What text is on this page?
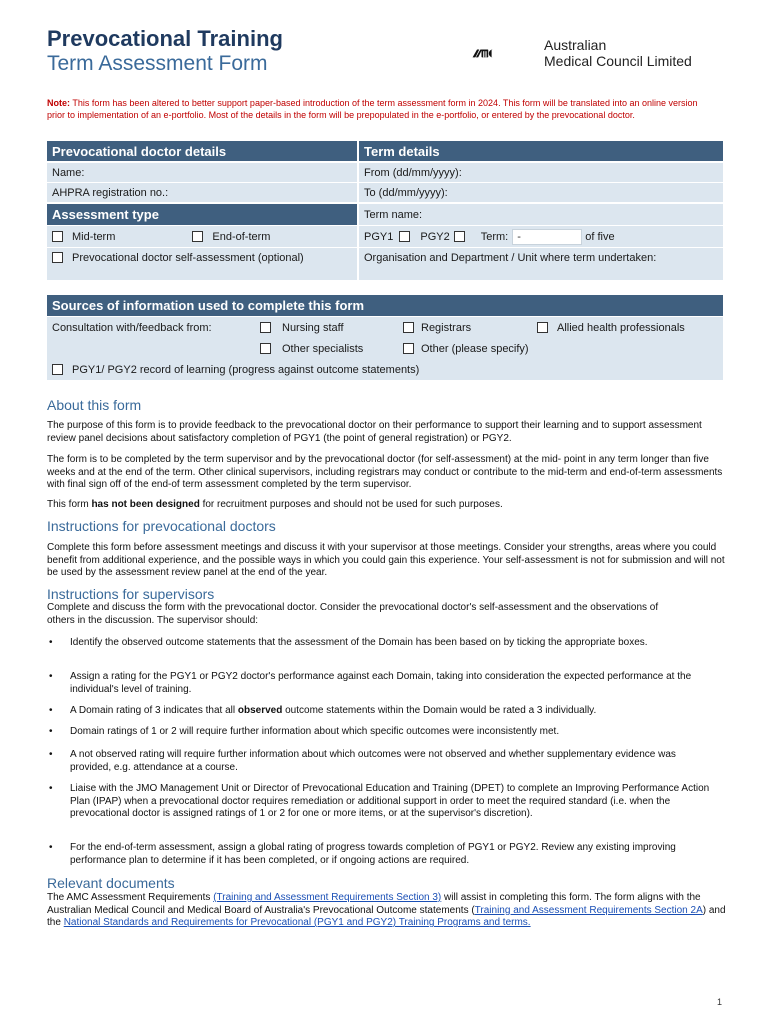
Prevocational Training
Term Assessment Form
Australian
Medical Council Limited
Note: This form has been altered to better support paper-based introduction of the term assessment form in 2024. This form will be translated into an online version prior to implementation of an e-portfolio. Most of the details in the form will be prepopulated in the e-portfolio, or entered by the prevocational doctor.
Prevocational doctor details
Name:
AHPRA registration no.:
Assessment type
Mid-term	End-of-term
Prevocational doctor self-assessment (optional)
Term details
From (dd/mm/yyyy):
To (dd/mm/yyyy):
Term name:
PGY1 PGY2	Term: -	of five
Organisation and Department / Unit where term undertaken:
Sources of information used to complete this form
Consultation with/feedback from:	Nursing staff	Registrars	Allied health professionals
Other specialists	Other (please specify)
PGY1/ PGY2 record of learning (progress against outcome statements)
About this form
The purpose of this form is to provide feedback to the prevocational doctor on their performance to support their learning and to support assessment review panel decisions about satisfactory completion of PGY1 (the point of general registration) or PGY2.
The form is to be completed by the term supervisor and by the prevocational doctor (for self-assessment) at the mid- point in any term longer than five weeks and at the end of the term. Other clinical supervisors, including registrars may conduct or contribute to the mid-term and end-of-term assessments with final sign off of the end-of term assessment completed by the term supervisor.
This form has not been designed for recruitment purposes and should not be used for such purposes.
Instructions for prevocational doctors
Complete this form before assessment meetings and discuss it with your supervisor at those meetings. Consider your strengths, areas where you could benefit from additional experience, and the possible ways in which you could gain this experience. Your self-assessment is not for submission and will not be used by the assessment review panel at the end of the year.
Instructions for supervisors
Complete and discuss the form with the prevocational doctor. Consider the prevocational doctor's self-assessment and the observations of others in the discussion. The supervisor should:
• Identify the observed outcome statements that the assessment of the Domain has been based on by ticking the appropriate boxes.
• Assign a rating for the PGY1 or PGY2 doctor's performance against each Domain, taking into consideration the expected performance at the individual's level of training.
• A Domain rating of 3 indicates that all observed outcome statements within the Domain would be rated a 3 individually.
• Domain ratings of 1 or 2 will require further information about which specific outcomes were inconsistently met.
• A not observed rating will require further information about which outcomes were not observed and whether supplementary evidence was provided, e.g. attendance at a course.
• Liaise with the JMO Management Unit or Director of Prevocational Education and Training (DPET) to complete an Improving Performance Action Plan (IPAP) when a prevocational doctor requires remediation or additional support in order to meet the required standard (i.e. when the prevocational doctor is assigned ratings of 1 or 2 for one or more items, or at the supervisor's discretion).
• For the end-of-term assessment, assign a global rating of progress towards completion of PGY1 or PGY2. Review any existing improving performance plan to determine if it has been completed, or if ongoing actions are required.
Relevant documents
The AMC Assessment Requirements (Training and Assessment Requirements Section 3) will assist in completing this form. The form aligns with the Australian Medical Council and Medical Board of Australia's Prevocational Outcome statements (Training and Assessment Requirements Section 2A) and the National Standards and Requirements for Prevocational (PGY1 and PGY2) Training Programs and terms.
1
